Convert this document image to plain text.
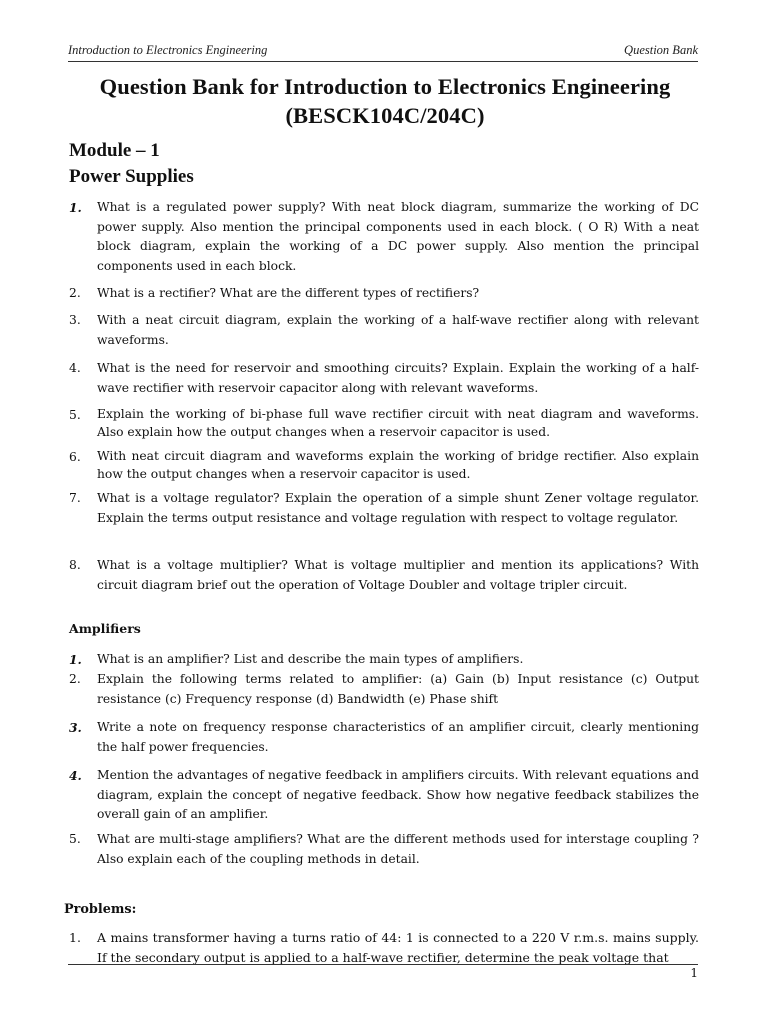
Introduction to Electronics Engineering	Question Bank
Question Bank for Introduction to Electronics Engineering
(BESCK104C/204C)
Module – 1
Power Supplies
1.	What is a regulated power supply? With neat block diagram, summarize the working of DC power supply. Also mention the principal components used in each block. ( O R) With a neat block diagram, explain the working of a DC power supply. Also mention the principal components used in each block.
2.	What is a rectifier? What are the different types of rectifiers?
3.	With a neat circuit diagram, explain the working of a half-wave rectifier along with relevant waveforms.
4.	What is the need for reservoir and smoothing circuits? Explain. Explain the working of a half-wave rectifier with reservoir capacitor along with relevant waveforms.
5.	Explain the working of bi-phase full wave rectifier circuit with neat diagram and waveforms. Also explain how the output changes when a reservoir capacitor is used.
6.	With neat circuit diagram and waveforms explain the working of bridge rectifier. Also explain how the output changes when a reservoir capacitor is used.
7.	What is a voltage regulator? Explain the operation of a simple shunt Zener voltage regulator. Explain the terms output resistance and voltage regulation with respect to voltage regulator.
8.	What is a voltage multiplier? What is voltage multiplier and mention its applications? With circuit diagram brief out the operation of Voltage Doubler and voltage tripler circuit.
Amplifiers
1.	What is an amplifier? List and describe the main types of amplifiers.
2.	Explain the following terms related to amplifier: (a) Gain (b) Input resistance (c) Output resistance (c) Frequency response (d) Bandwidth (e) Phase shift
3.	Write a note on frequency response characteristics of an amplifier circuit, clearly mentioning the half power frequencies.
4.	Mention the advantages of negative feedback in amplifiers circuits. With relevant equations and diagram, explain the concept of negative feedback. Show how negative feedback stabilizes the overall gain of an amplifier.
5.	What are multi-stage amplifiers? What are the different methods used for interstage coupling ? Also explain each of the coupling methods in detail.
Problems:
1.	A mains transformer having a turns ratio of 44: 1 is connected to a 220 V r.m.s. mains supply. If the secondary output is applied to a half-wave rectifier, determine the peak voltage that
1
